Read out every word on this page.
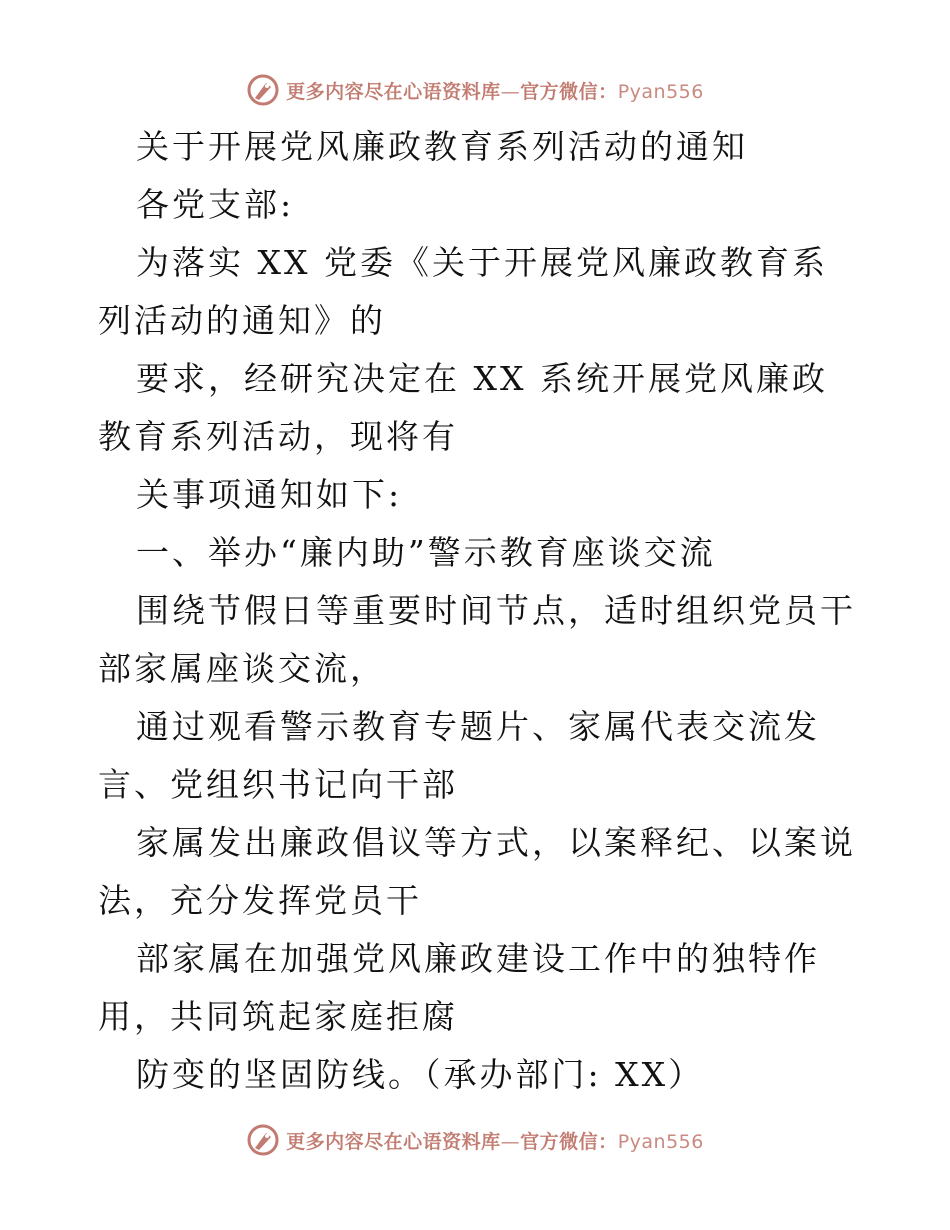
更多内容尽在心语资料库—官方微信：Pyan556

关于开展党风廉政教育系列活动的通知

各党支部:

为落实 XX 党委《关于开展党风廉政教育系列活动的通知》的

要求，经研究决定在 XX 系统开展党风廉政教育系列活动，现将有

关事项通知如下:

一、举办“廉内助”警示教育座谈交流

围绕节假日等重要时间节点，适时组织党员干部家属座谈交流，

通过观看警示教育专题片、家属代表交流发言、党组织书记向干部

家属发出廉政倡议等方式，以案释纪、以案说法，充分发挥党员干

部家属在加强党风廉政建设工作中的独特作用，共同筑起家庭拒腐

防变的坚固防线。（承办部门: XX）

更多内容尽在心语资料库—官方微信：Pyan556
